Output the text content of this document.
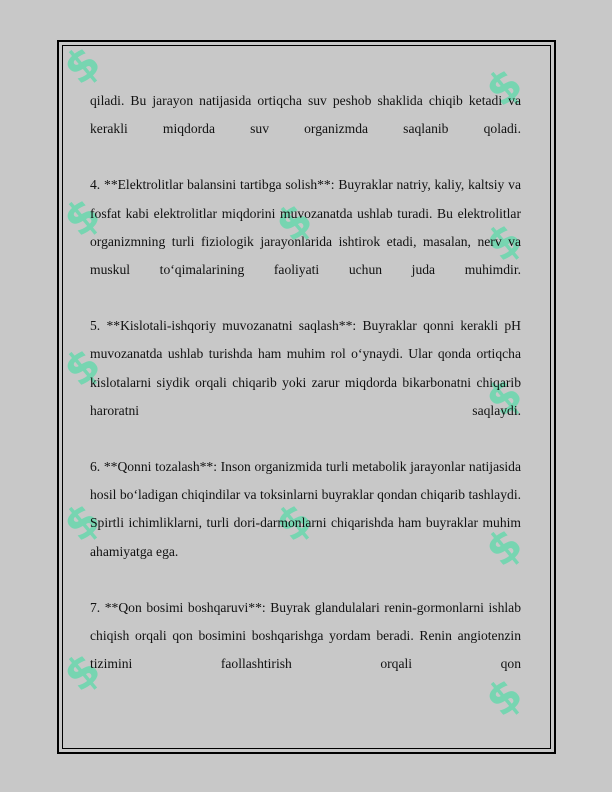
$
$
$
$
$
$
$
$
$
$
$
$

qiladi. Bu jarayon natijasida ortiqcha suv peshob shaklida chiqib ketadi va kerakli miqdorda suv organizmda saqlanib qoladi.

4. **Elektrolitlar balansini tartibga solish**: Buyraklar natriy, kaliy, kaltsiy va fosfat kabi elektrolitlar miqdorini muvozanatda ushlab turadi. Bu elektrolitlar organizmning turli fiziologik jarayonlarida ishtirok etadi, masalan, nerv va muskul to‘qimalarining faoliyati uchun juda muhimdir.

5. **Kislotali-ishqoriy muvozanatni saqlash**: Buyraklar qonni kerakli pH muvozanatda ushlab turishda ham muhim rol o‘ynaydi. Ular qonda ortiqcha kislotalarni siydik orqali chiqarib yoki zarur miqdorda bikarbonatni chiqarib haroratni saqlaydi.

6. **Qonni tozalash**: Inson organizmida turli metabolik jarayonlar natijasida hosil bo‘ladigan chiqindilar va toksinlarni buyraklar qondan chiqarib tashlaydi. Spirtli ichimliklarni, turli dori-darmonlarni chiqarishda ham buyraklar muhim ahamiyatga ega.

7. **Qon bosimi boshqaruvi**: Buyrak glandulalari renin-gormonlarni ishlab chiqish orqali qon bosimini boshqarishga yordam beradi. Renin angiotenzin tizimini faollashtirish orqali qon
